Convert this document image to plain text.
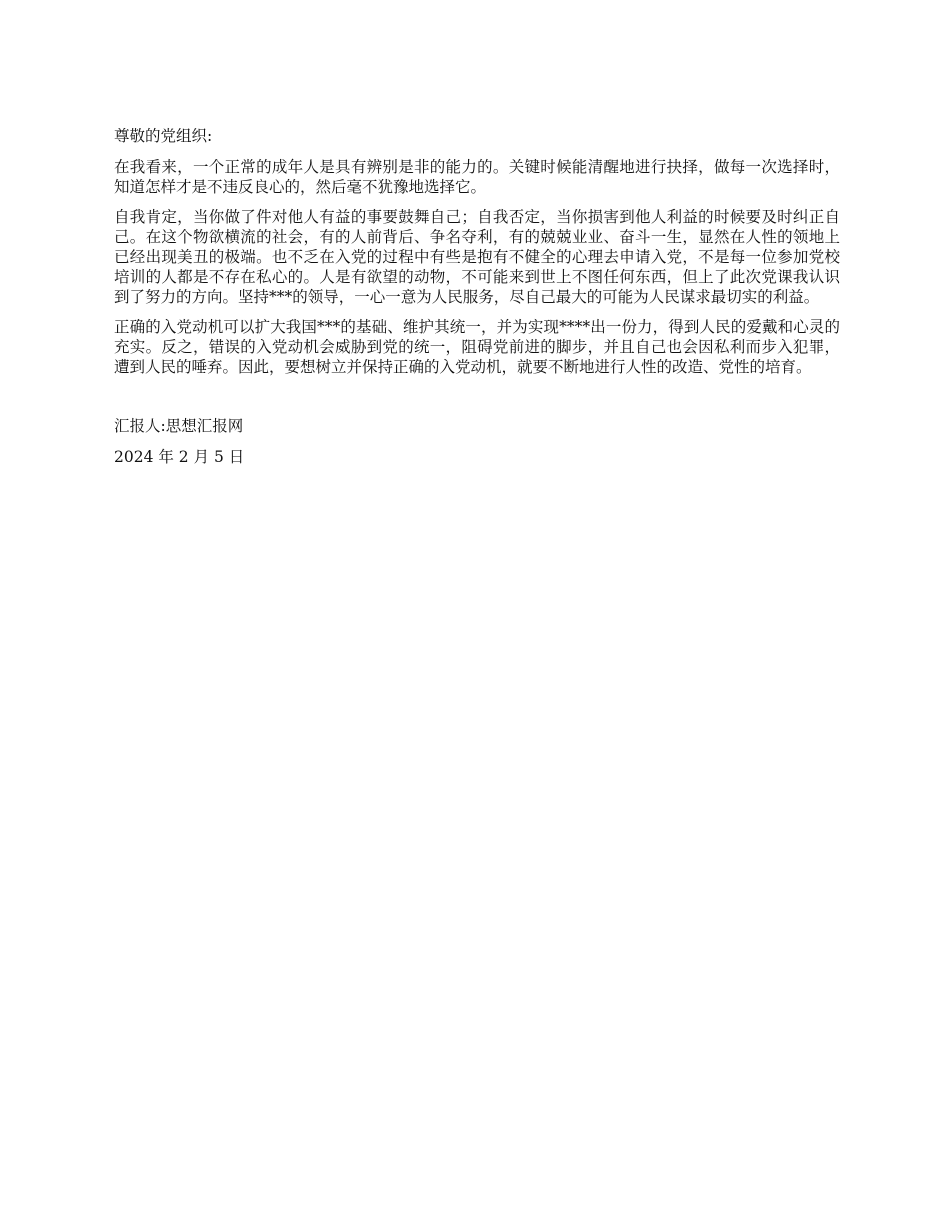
尊敬的党组织:

在我看来，一个正常的成年人是具有辨别是非的能力的。关键时候能清醒地进行抉择，做每一次选择时，知道怎样才是不违反良心的，然后毫不犹豫地选择它。

自我肯定，当你做了件对他人有益的事要鼓舞自己；自我否定，当你损害到他人利益的时候要及时纠正自己。在这个物欲横流的社会，有的人前背后、争名夺利，有的兢兢业业、奋斗一生，显然在人性的领地上已经出现美丑的极端。也不乏在入党的过程中有些是抱有不健全的心理去申请入党，不是每一位参加党校培训的人都是不存在私心的。人是有欲望的动物，不可能来到世上不图任何东西，但上了此次党课我认识到了努力的方向。坚持***的领导，一心一意为人民服务，尽自己最大的可能为人民谋求最切实的利益。

正确的入党动机可以扩大我国***的基础、维护其统一，并为实现****出一份力，得到人民的爱戴和心灵的充实。反之，错误的入党动机会威胁到党的统一，阻碍党前进的脚步，并且自己也会因私利而步入犯罪，遭到人民的唾弃。因此，要想树立并保持正确的入党动机，就要不断地进行人性的改造、党性的培育。

汇报人:思想汇报网

2024 年 2 月 5 日
